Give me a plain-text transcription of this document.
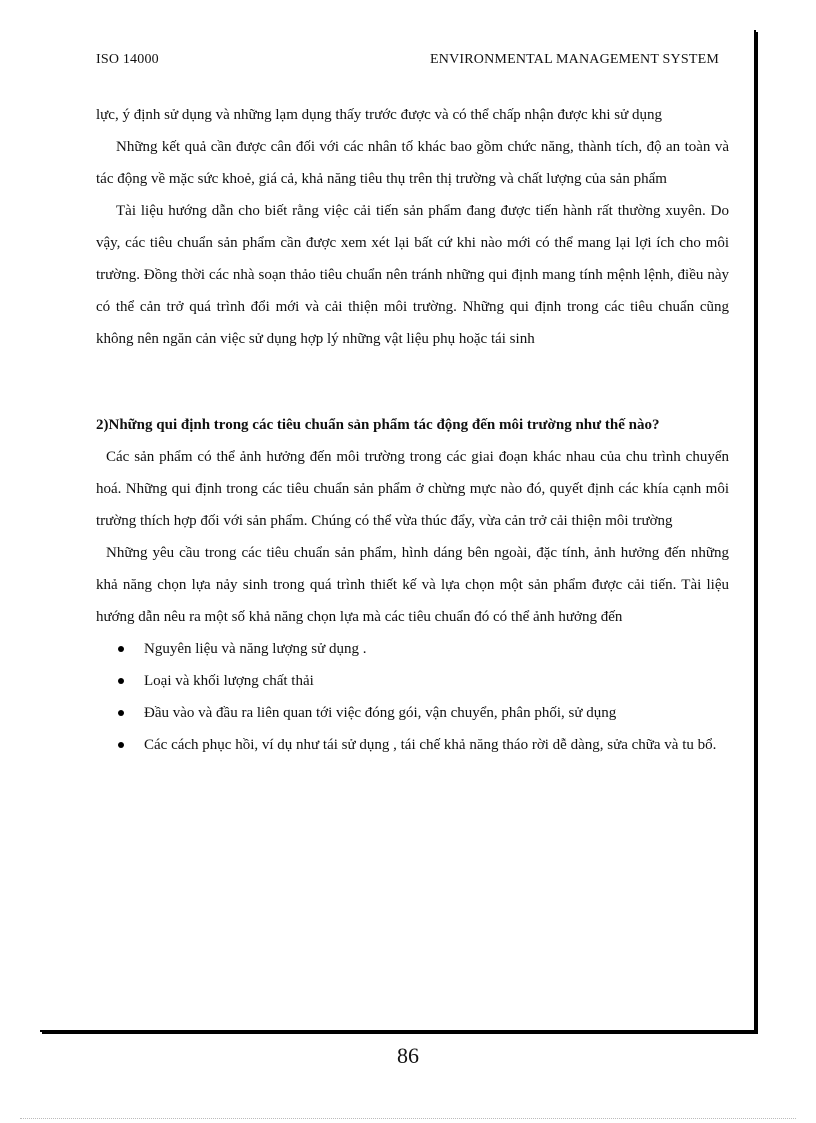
ISO 14000	ENVIRONMENTAL MANAGEMENT SYSTEM

lực, ý định sử dụng và những lạm dụng thấy trước được và có thể chấp nhận được khi sử dụng

Những kết quả cần được cân đối với các nhân tố khác bao gồm chức năng, thành tích, độ an toàn và tác động về mặc sức khoẻ, giá cả, khả năng tiêu thụ trên thị trường và chất lượng của sản phẩm

Tài liệu hướng dẫn cho biết rằng việc cải tiến sản phẩm đang được tiến hành rất thường xuyên. Do vậy, các tiêu chuẩn sản phẩm cần được xem xét lại bất cứ khi nào mới có thể mang lại lợi ích cho môi trường. Đồng thời các nhà soạn thảo tiêu chuẩn nên tránh những qui định mang tính mệnh lệnh, điều này có thể cản trở quá trình đổi mới và cải thiện môi trường. Những qui định trong các tiêu chuẩn cũng không nên ngăn cản việc sử dụng hợp lý những vật liệu phụ hoặc tái sinh

2)Những qui định trong các tiêu chuẩn sản phẩm tác động đến môi trường như thế nào?

Các sản phẩm có thể ảnh hưởng đến môi trường trong các giai đoạn khác nhau của chu trình chuyển hoá. Những qui định trong các tiêu chuẩn sản phẩm ở chừng mực nào đó, quyết định các khía cạnh môi trường thích hợp đối với sản phẩm. Chúng có thể vừa thúc đẩy, vừa cản trở cải thiện môi trường

Những yêu cầu trong các tiêu chuẩn sản phẩm, hình dáng bên ngoài, đặc tính, ảnh hưởng đến những khả năng chọn lựa nảy sinh trong quá trình thiết kế và lựa chọn một sản phẩm được cải tiến. Tài liệu hướng dẫn nêu ra một số khả năng chọn lựa mà các tiêu chuẩn đó có thể ảnh hưởng đến

Nguyên liệu và năng lượng sử dụng .
Loại và khối lượng chất thải
Đầu vào và đầu ra liên quan tới việc đóng gói, vận chuyển, phân phối, sử dụng
Các cách phục hồi, ví dụ như tái sử dụng , tái chế khả năng tháo rời dễ dàng, sửa chữa và tu bổ.
86
